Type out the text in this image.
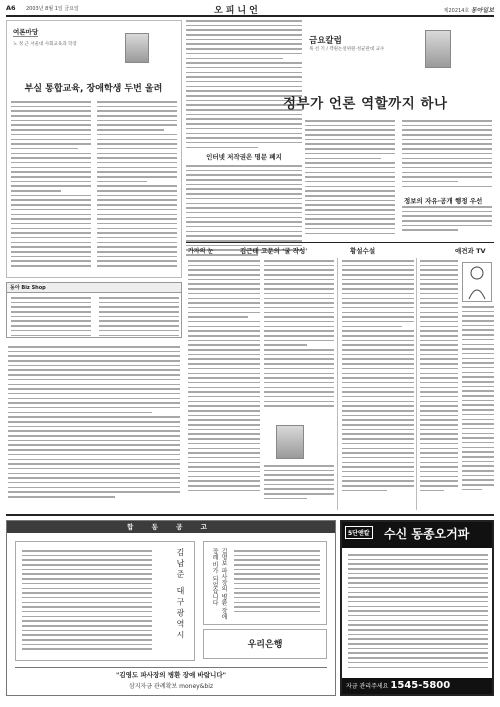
A6 2003년 8월 1일 금요일	오피니언	제20214호 동아일보
여론마당
노 정 근 서울대 사회교육과 학장
부실 통합교육, 장애학생 두번 울려
동아 Biz Shop
인터넷 저작권은 명문 폐지
금요칼럼
목 선 기 / 객원논설위원·성균관대 교수
정부가 언론 역할까지 하나
정보의 자유·공개 행정 우선
가자의 눈	김근태 고문의 '굴 작성'	황설수설	애견과 TV
합 동 공 고
김남준 대구광역시	김명보 파사장의 병환 장애 장례 비가 되었습니다
우리은행
"김영도 파사장의 병환 장애 바랍니다"
삼지자금 관례확보 money&biz
5단앤칼 수신 동종오거파
자금 관리주세요 1545-5800
